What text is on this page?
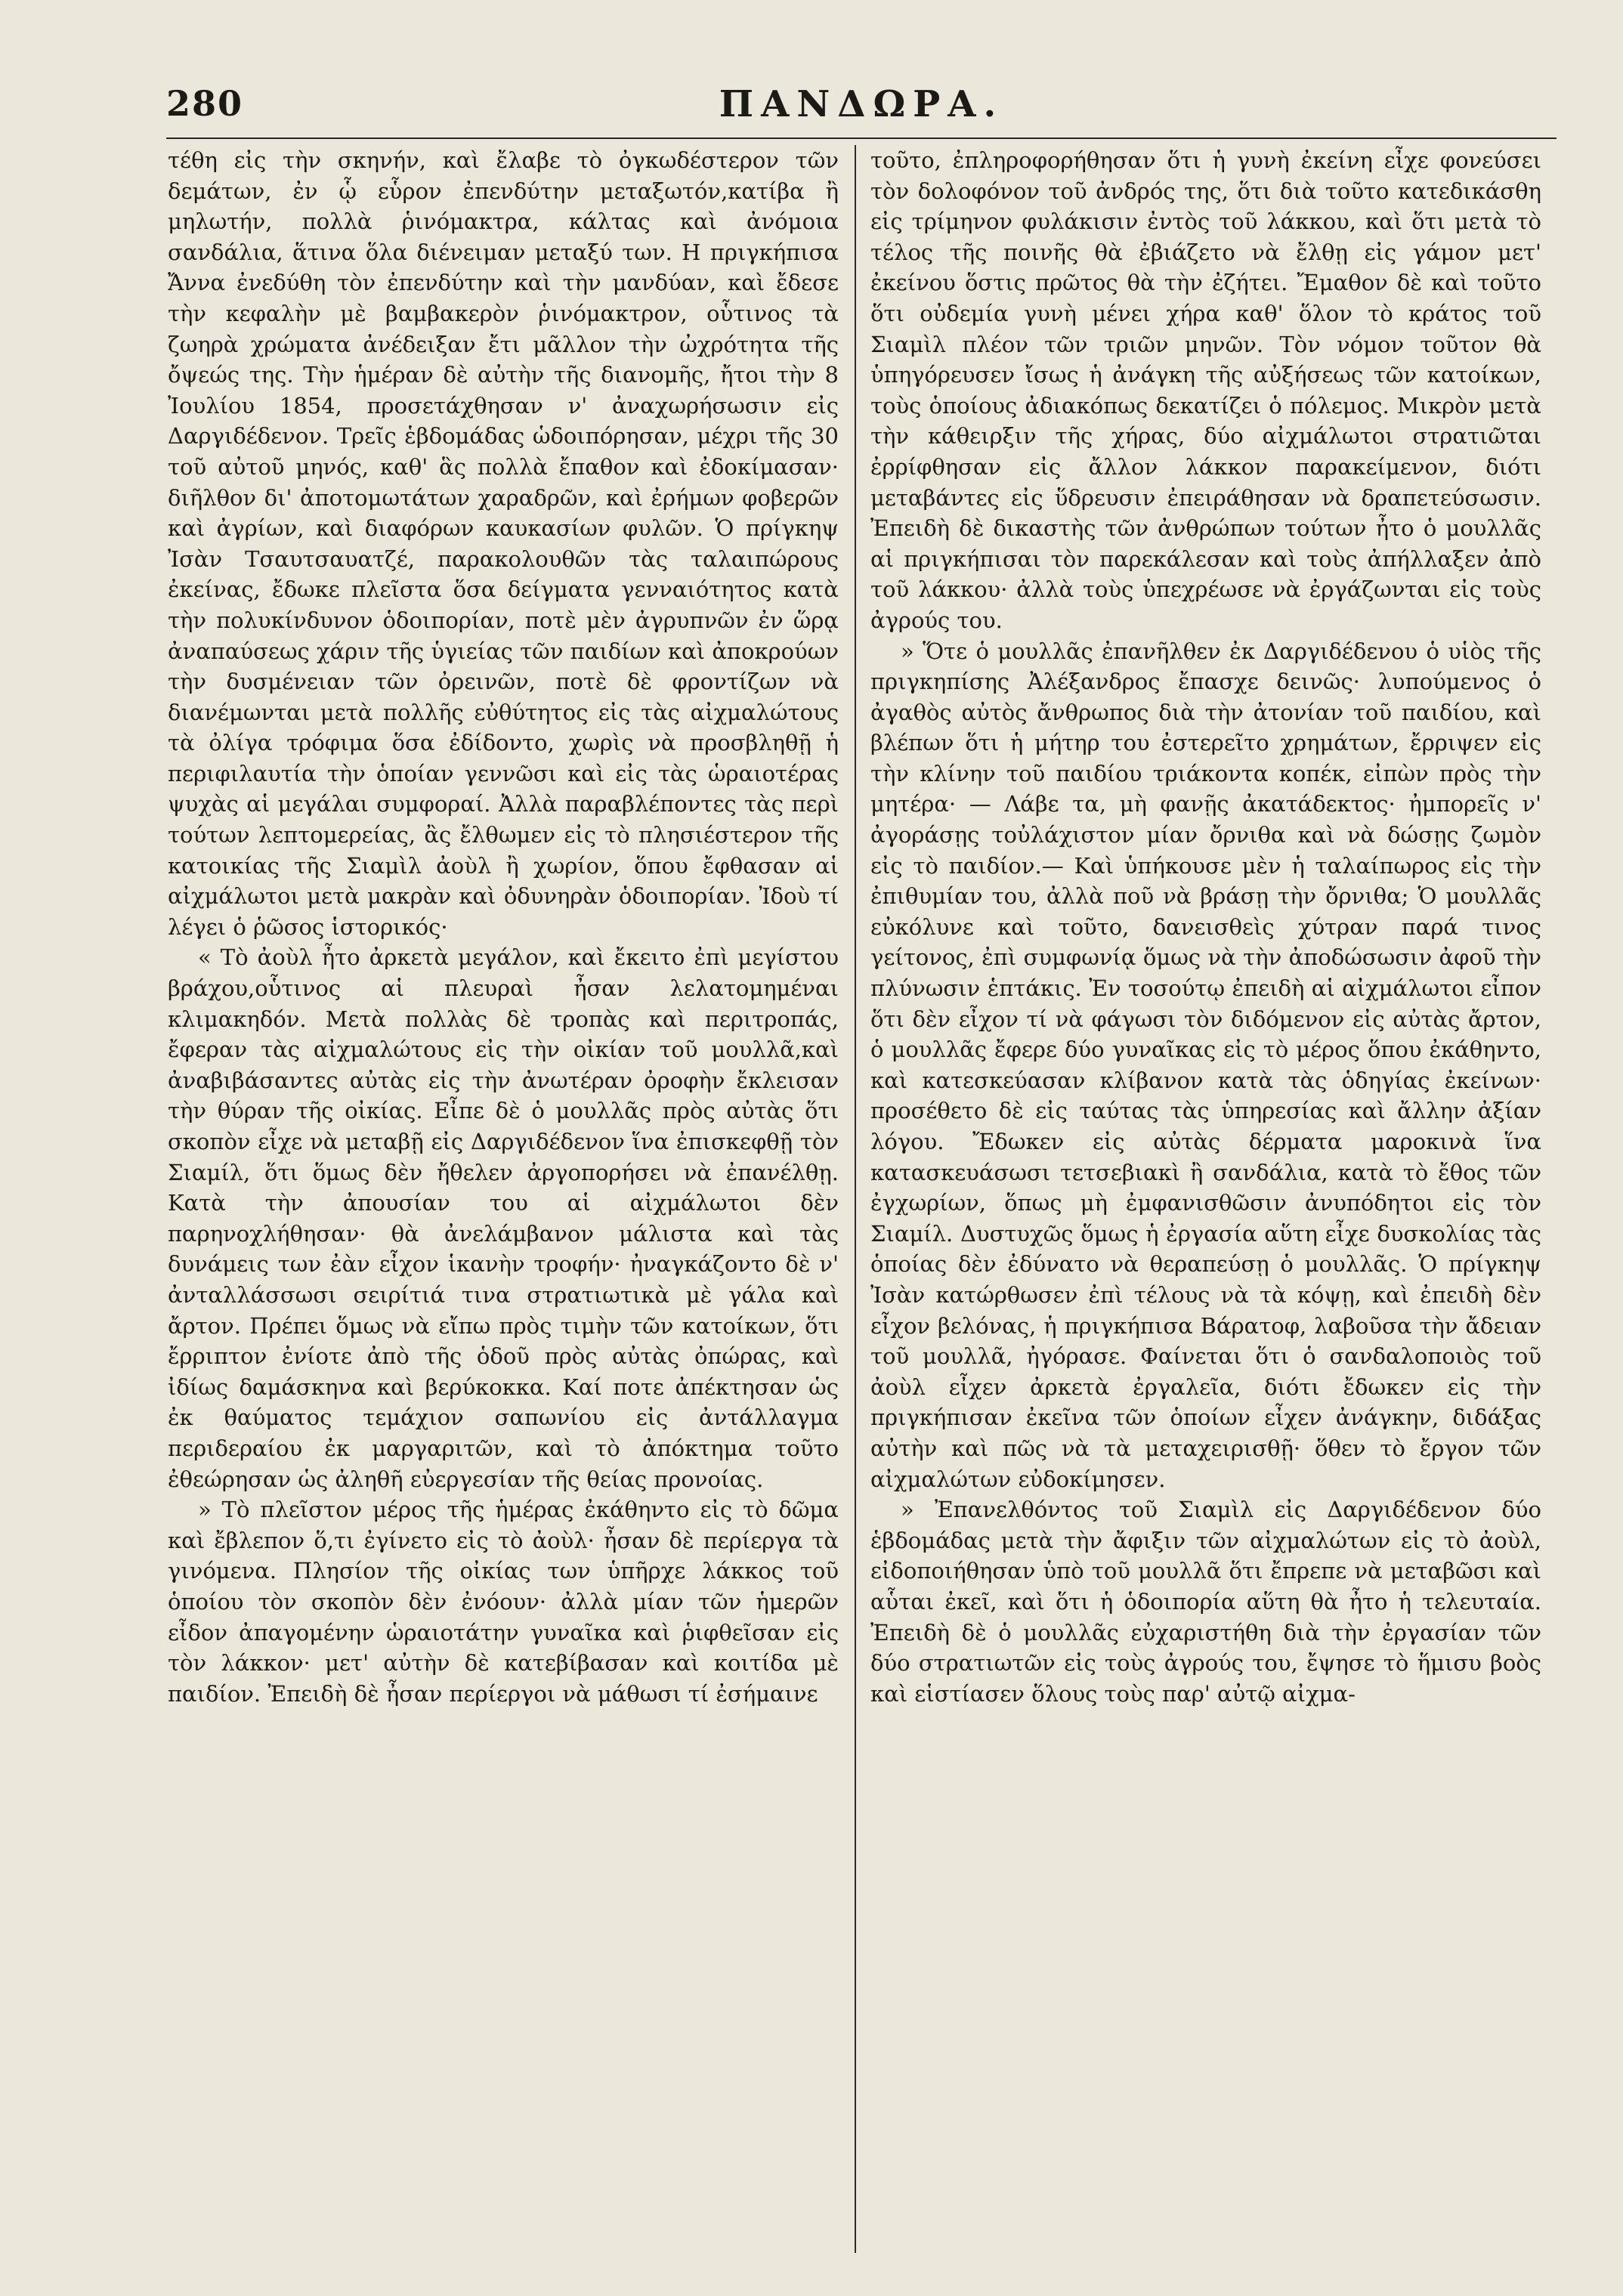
ΠΑΝΔΩΡΑ.
280

τέθη εἰς τὴν σκηνήν, καὶ ἔλαβε τὸ ὀγκωδέστερον τῶν δεμάτων, ἐν ᾧ εὗρον ἐπενδύτην μεταξωτόν,κατίβα ἢ μηλωτήν, πολλὰ ῥινόμακτρα, κάλτας καὶ ἀνόμοια σανδάλια, ἅτινα ὅλα διένειμαν μεταξύ των. Η πριγκήπισα Ἄννα ἐνεδύθη τὸν ἐπενδύτην καὶ τὴν μανδύαν, καὶ ἔδεσε τὴν κεφαλὴν μὲ βαμβακερὸν ῥινόμακτρον, οὗτινος τὰ ζωηρὰ χρώματα ἀνέδειξαν ἔτι μᾶλλον τὴν ὠχρότητα τῆς ὄψεώς της. Τὴν ἡμέραν δὲ αὐτὴν τῆς διανομῆς, ἤτοι τὴν 8 Ἰουλίου 1854, προσετάχθησαν ν' ἀναχωρήσωσιν εἰς Δαργιδέδενον. Τρεῖς ἑβδομάδας ὡδοιπόρησαν, μέχρι τῆς 30 τοῦ αὐτοῦ μηνός, καθ' ἃς πολλὰ ἔπαθον καὶ ἐδοκίμασαν· διῆλθον δι' ἀποτομωτάτων χαραδρῶν, καὶ ἐρήμων φοβερῶν καὶ ἀγρίων, καὶ διαφόρων καυκασίων φυλῶν. Ὁ πρίγκηψ Ἰσὰν Τσαυτσαυατζέ, παρακολουθῶν τὰς ταλαιπώρους ἐκείνας, ἔδωκε πλεῖστα ὅσα δείγματα γενναιότητος κατὰ τὴν πολυκίνδυνον ὁδοιπορίαν, ποτὲ μὲν ἀγρυπνῶν ἐν ὥρᾳ ἀναπαύσεως χάριν τῆς ὑγιείας τῶν παιδίων καὶ ἀποκρούων τὴν δυσμένειαν τῶν ὀρεινῶν, ποτὲ δὲ φροντίζων νὰ διανέμωνται μετὰ πολλῆς εὐθύτητος εἰς τὰς αἰχμαλώτους τὰ ὀλίγα τρόφιμα ὅσα ἐδίδοντο, χωρὶς νὰ προσβληθῇ ἡ περιφιλαυτία τὴν ὁποίαν γεννῶσι καὶ εἰς τὰς ὡραιοτέρας ψυχὰς αἱ μεγάλαι συμφοραί. Ἀλλὰ παραβλέποντες τὰς περὶ τούτων λεπτομερείας, ἂς ἔλθωμεν εἰς τὸ πλησιέστερον τῆς κατοικίας τῆς Σιαμὶλ ἀοὺλ ἢ χωρίον, ὅπου ἔφθασαν αἱ αἰχμάλωτοι μετὰ μακρὰν καὶ ὀδυνηρὰν ὁδοιπορίαν. Ἰδοὺ τί λέγει ὁ ῥῶσος ἱστορικός·

« Τὸ ἀοὺλ ἦτο ἀρκετὰ μεγάλον, καὶ ἔκειτο ἐπὶ μεγίστου βράχου,οὗτινος αἱ πλευραὶ ἦσαν λελατομημέναι κλιμακηδόν. Μετὰ πολλὰς δὲ τροπὰς καὶ περιτροπάς, ἔφεραν τὰς αἰχμαλώτους εἰς τὴν οἰκίαν τοῦ μουλλᾶ,καὶ ἀναβιβάσαντες αὐτὰς εἰς τὴν ἀνωτέραν ὀροφὴν ἔκλεισαν τὴν θύραν τῆς οἰκίας. Εἶπε δὲ ὁ μουλλᾶς πρὸς αὐτὰς ὅτι σκοπὸν εἶχε νὰ μεταβῇ εἰς Δαργιδέδενον ἵνα ἐπισκεφθῇ τὸν Σιαμίλ, ὅτι ὅμως δὲν ἤθελεν ἀργοπορήσει νὰ ἐπανέλθῃ. Κατὰ τὴν ἀπουσίαν του αἱ αἰχμάλωτοι δὲν παρηνοχλήθησαν· θὰ ἀνελάμβανον μάλιστα καὶ τὰς δυνάμεις των ἐὰν εἶχον ἱκανὴν τροφήν· ἠναγκάζοντο δὲ ν' ἀνταλλάσσωσι σειρίτιά τινα στρατιωτικὰ μὲ γάλα καὶ ἄρτον. Πρέπει ὅμως νὰ εἴπω πρὸς τιμὴν τῶν κατοίκων, ὅτι ἔρριπτον ἐνίοτε ἀπὸ τῆς ὁδοῦ πρὸς αὐτὰς ὀπώρας, καὶ ἰδίως δαμάσκηνα καὶ βερύκοκκα. Καί ποτε ἀπέκτησαν ὡς ἐκ θαύματος τεμάχιον σαπωνίου εἰς ἀντάλλαγμα περιδεραίου ἐκ μαργαριτῶν, καὶ τὸ ἀπόκτημα τοῦτο ἐθεώρησαν ὡς ἀληθῆ εὐεργεσίαν τῆς θείας προνοίας.

» Τὸ πλεῖστον μέρος τῆς ἡμέρας ἐκάθηντο εἰς τὸ δῶμα καὶ ἔβλεπον ὅ,τι ἐγίνετο εἰς τὸ ἀοὺλ· ἦσαν δὲ περίεργα τὰ γινόμενα. Πλησίον τῆς οἰκίας των ὑπῆρχε λάκκος τοῦ ὁποίου τὸν σκοπὸν δὲν ἐνόουν· ἀλλὰ μίαν τῶν ἡμερῶν εἶδον ἀπαγομένην ὡραιοτάτην γυναῖκα καὶ ῥιφθεῖσαν εἰς τὸν λάκκον· μετ' αὐτὴν δὲ κατεβίβασαν καὶ κοιτίδα μὲ παιδίον. Ἐπειδὴ δὲ ἦσαν περίεργοι νὰ μάθωσι τί ἐσήμαινε

τοῦτο, ἐπληροφορήθησαν ὅτι ἡ γυνὴ ἐκείνη εἶχε φονεύσει τὸν δολοφόνον τοῦ ἀνδρός της, ὅτι διὰ τοῦτο κατεδικάσθη εἰς τρίμηνον φυλάκισιν ἐντὸς τοῦ λάκκου, καὶ ὅτι μετὰ τὸ τέλος τῆς ποινῆς θὰ ἐβιάζετο νὰ ἔλθῃ εἰς γάμον μετ' ἐκείνου ὅστις πρῶτος θὰ τὴν ἐζήτει. Ἔμαθον δὲ καὶ τοῦτο ὅτι οὐδεμία γυνὴ μένει χήρα καθ' ὅλον τὸ κράτος τοῦ Σιαμὶλ πλέον τῶν τριῶν μηνῶν. Τὸν νόμον τοῦτον θὰ ὑπηγόρευσεν ἴσως ἡ ἀνάγκη τῆς αὐξήσεως τῶν κατοίκων, τοὺς ὁποίους ἀδιακόπως δεκατίζει ὁ πόλεμος. Μικρὸν μετὰ τὴν κάθειρξιν τῆς χήρας, δύο αἰχμάλωτοι στρατιῶται ἐρρίφθησαν εἰς ἄλλον λάκκον παρακείμενον, διότι μεταβάντες εἰς ὕδρευσιν ἐπειράθησαν νὰ δραπετεύσωσιν. Ἐπειδὴ δὲ δικαστὴς τῶν ἀνθρώπων τούτων ἦτο ὁ μουλλᾶς αἱ πριγκήπισαι τὸν παρεκάλεσαν καὶ τοὺς ἀπήλλαξεν ἀπὸ τοῦ λάκκου· ἀλλὰ τοὺς ὑπεχρέωσε νὰ ἐργάζωνται εἰς τοὺς ἀγρούς του.

» Ὅτε ὁ μουλλᾶς ἐπανῆλθεν ἐκ Δαργιδέδενου ὁ υἱὸς τῆς πριγκηπίσης Ἀλέξανδρος ἔπασχε δεινῶς· λυπούμενος ὁ ἀγαθὸς αὐτὸς ἄνθρωπος διὰ τὴν ἀτονίαν τοῦ παιδίου, καὶ βλέπων ὅτι ἡ μήτηρ του ἐστερεῖτο χρημάτων, ἔρριψεν εἰς τὴν κλίνην τοῦ παιδίου τριάκοντα κοπέκ, εἰπὼν πρὸς τὴν μητέρα· — Λάβε τα, μὴ φανῇς ἀκατάδεκτος· ἠμπορεῖς ν' ἀγοράσῃς τοὐλάχιστον μίαν ὄρνιθα καὶ νὰ δώσῃς ζωμὸν εἰς τὸ παιδίον.— Καὶ ὑπήκουσε μὲν ἡ ταλαίπωρος εἰς τὴν ἐπιθυμίαν του, ἀλλὰ ποῦ νὰ βράσῃ τὴν ὄρνιθα; Ὁ μουλλᾶς εὐκόλυνε καὶ τοῦτο, δανεισθεὶς χύτραν παρά τινος γείτονος, ἐπὶ συμφωνίᾳ ὅμως νὰ τὴν ἀποδώσωσιν ἀφοῦ τὴν πλύνωσιν ἑπτάκις. Ἐν τοσούτῳ ἐπειδὴ αἱ αἰχμάλωτοι εἶπον ὅτι δὲν εἶχον τί νὰ φάγωσι τὸν διδόμενον εἰς αὐτὰς ἄρτον, ὁ μουλλᾶς ἔφερε δύο γυναῖκας εἰς τὸ μέρος ὅπου ἐκάθηντο, καὶ κατεσκεύασαν κλίβανον κατὰ τὰς ὁδηγίας ἐκείνων· προσέθετο δὲ εἰς ταύτας τὰς ὑπηρεσίας καὶ ἄλλην ἀξίαν λόγου. Ἔδωκεν εἰς αὐτὰς δέρματα μαροκινὰ ἵνα κατασκευάσωσι τετσεβιακὶ ἢ σανδάλια, κατὰ τὸ ἔθος τῶν ἐγχωρίων, ὅπως μὴ ἐμφανισθῶσιν ἀνυπόδητοι εἰς τὸν Σιαμίλ. Δυστυχῶς ὅμως ἡ ἐργασία αὕτη εἶχε δυσκολίας τὰς ὁποίας δὲν ἐδύνατο νὰ θεραπεύσῃ ὁ μουλλᾶς. Ὁ πρίγκηψ Ἰσὰν κατώρθωσεν ἐπὶ τέλους νὰ τὰ κόψῃ, καὶ ἐπειδὴ δὲν εἶχον βελόνας, ἡ πριγκήπισα Βάρατοφ, λαβοῦσα τὴν ἄδειαν τοῦ μουλλᾶ, ἠγόρασε. Φαίνεται ὅτι ὁ σανδαλοποιὸς τοῦ ἀοὺλ εἶχεν ἀρκετὰ ἐργαλεῖα, διότι ἔδωκεν εἰς τὴν πριγκήπισαν ἐκεῖνα τῶν ὁποίων εἶχεν ἀνάγκην, διδάξας αὐτὴν καὶ πῶς νὰ τὰ μεταχειρισθῇ· ὅθεν τὸ ἔργον τῶν αἰχμαλώτων εὐδοκίμησεν.

» Ἐπανελθόντος τοῦ Σιαμὶλ εἰς Δαργιδέδενον δύο ἑβδομάδας μετὰ τὴν ἄφιξιν τῶν αἰχμαλώτων εἰς τὸ ἀοὺλ, εἰδοποιήθησαν ὑπὸ τοῦ μουλλᾶ ὅτι ἔπρεπε νὰ μεταβῶσι καὶ αὗται ἐκεῖ, καὶ ὅτι ἡ ὁδοιπορία αὕτη θὰ ἦτο ἡ τελευταία. Ἐπειδὴ δὲ ὁ μουλλᾶς εὐχαριστήθη διὰ τὴν ἐργασίαν τῶν δύο στρατιωτῶν εἰς τοὺς ἀγρούς του, ἔψησε τὸ ἥμισυ βοὸς καὶ εἱστίασεν ὅλους τοὺς παρ' αὐτῷ αἰχμα-
